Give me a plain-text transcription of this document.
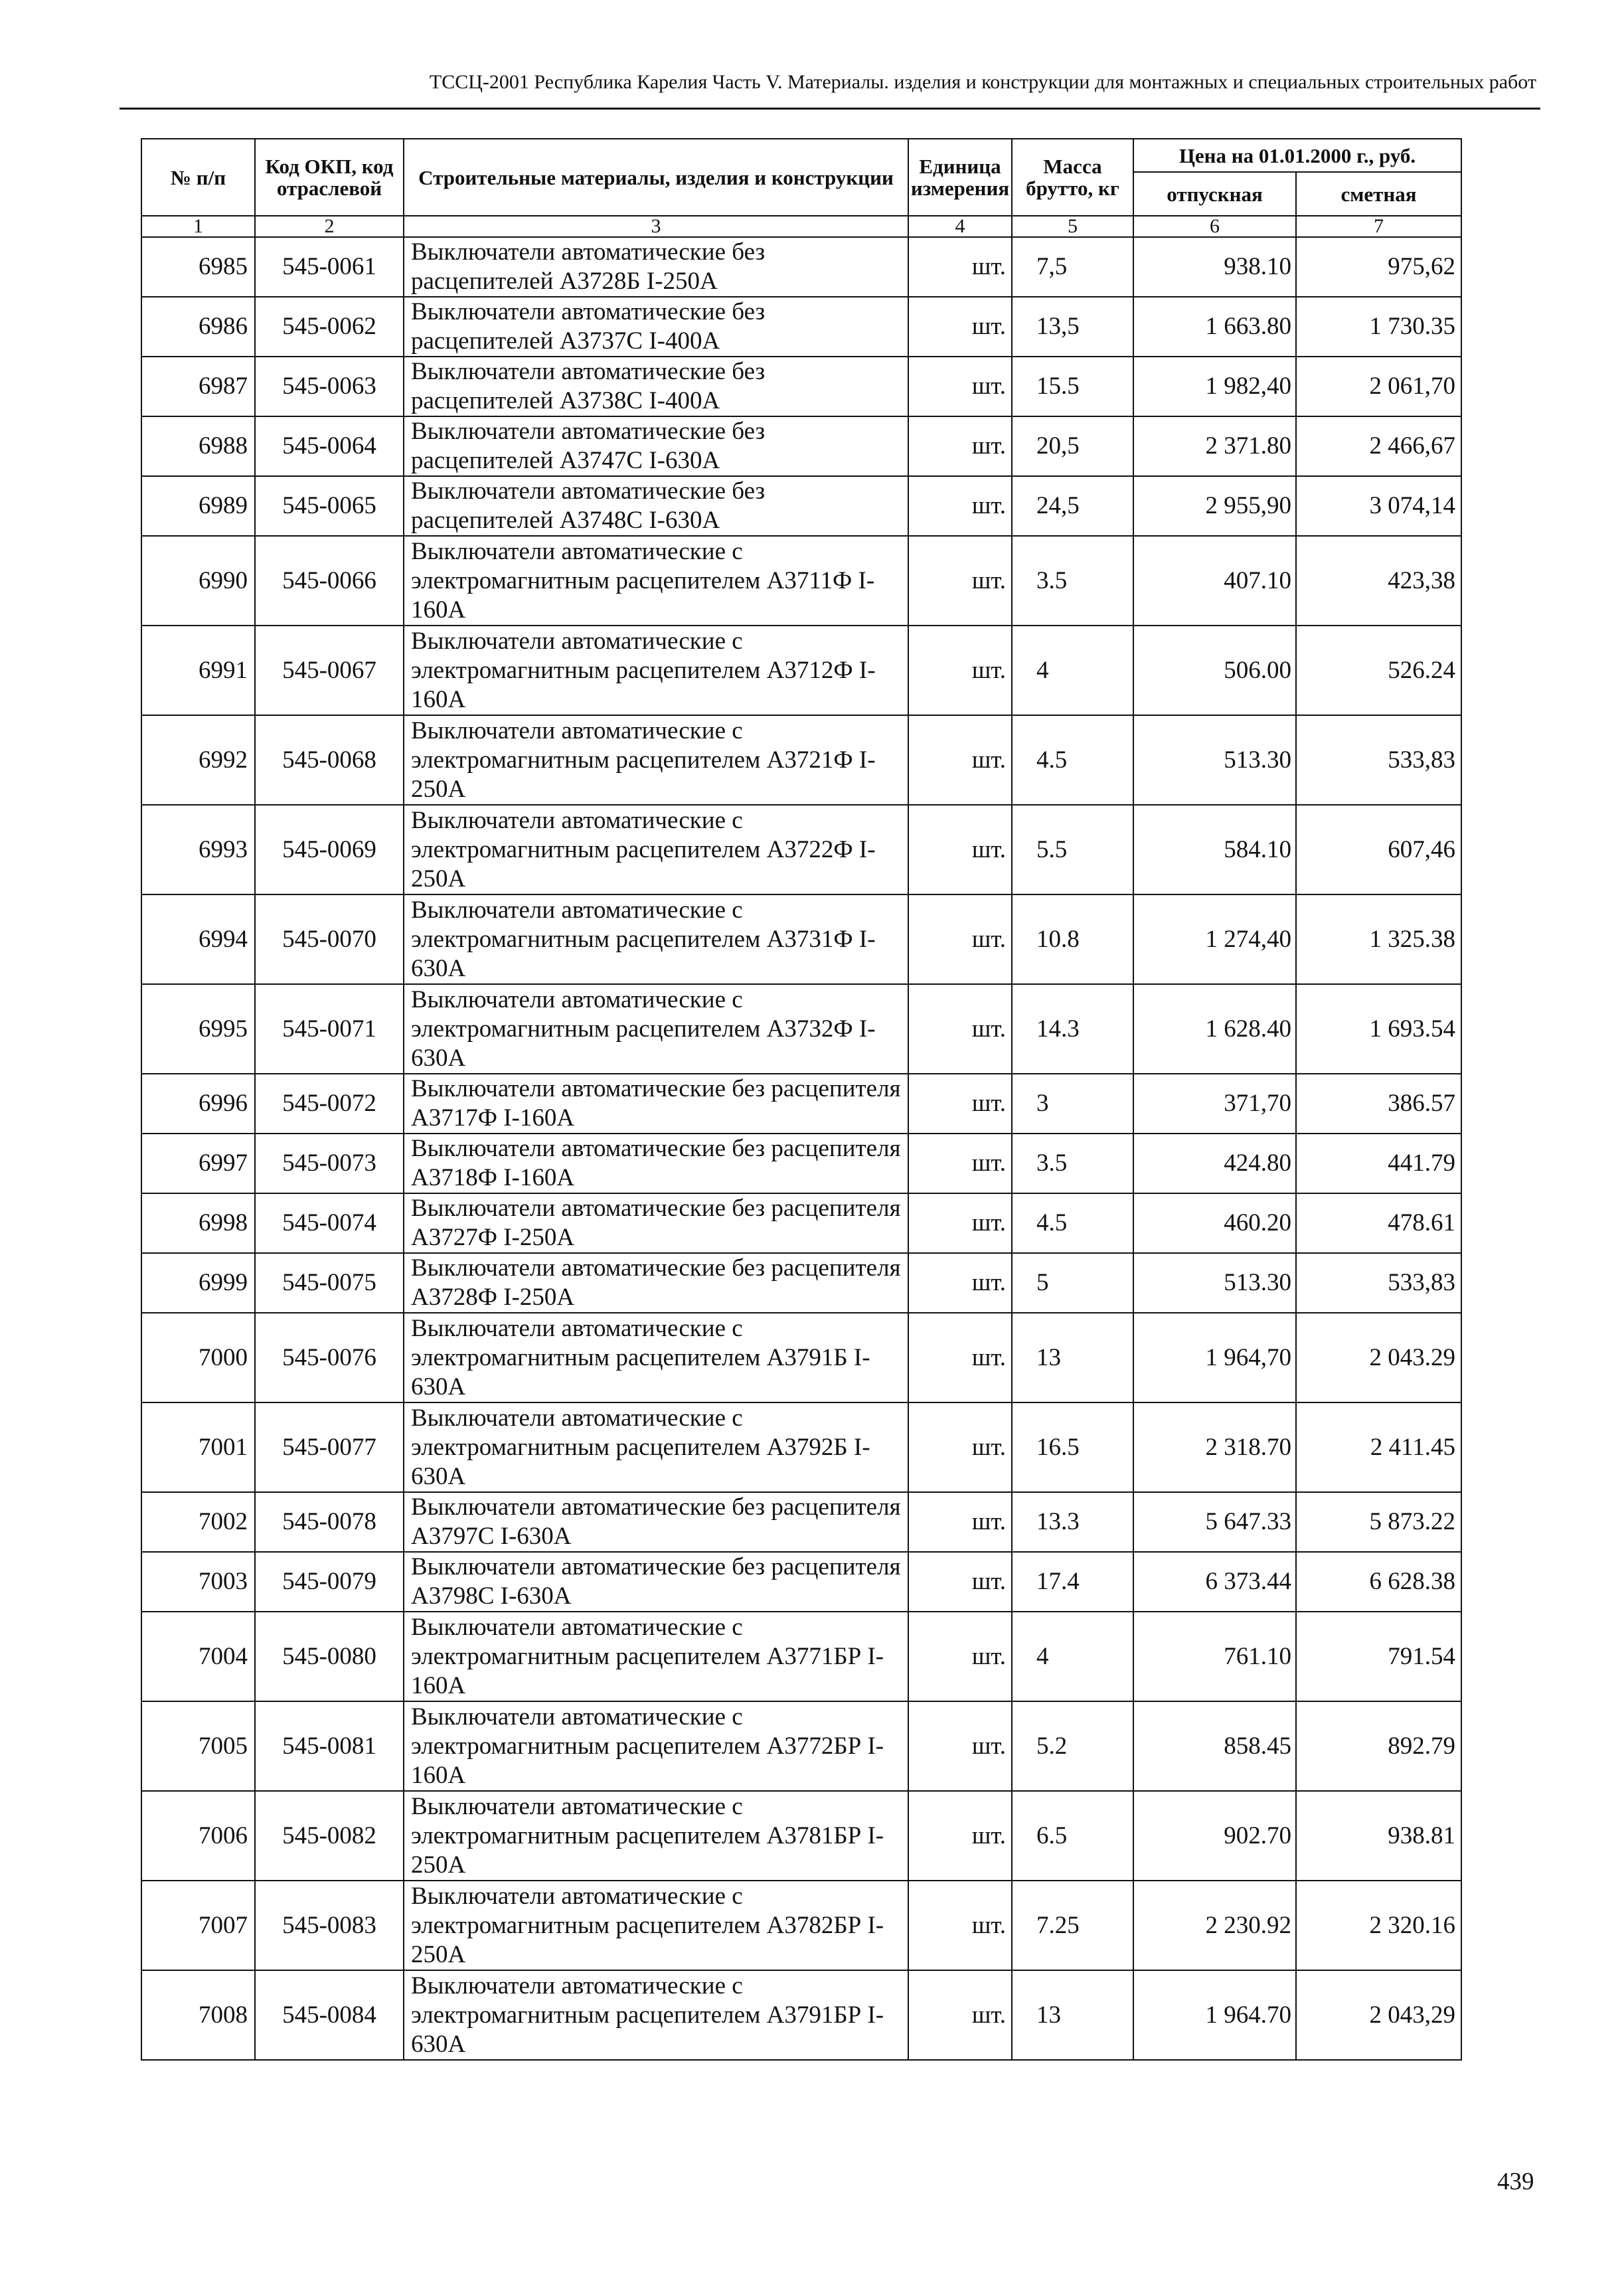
ТССЦ-2001 Республика Карелия Часть V. Материалы. изделия и конструкции для монтажных и специальных строительных работ
№ п/п	Код ОКП, код отраслевой	Строительные материалы, изделия и конструкции	Единица измерения	Масса брутто, кг	Цена на 01.01.2000 г., руб.	
					отпускная	сметная
1	2	3	4	5	6	7
6985	545-0061	Выключатели автоматические без расцепителей А3728Б I-250А	шт.	7,5	938.10	975,62
6986	545-0062	Выключатели автоматические без расцепителей А3737С I-400А	шт.	13,5	1 663.80	1 730.35
6987	545-0063	Выключатели автоматические без расцепителей А3738С I-400А	шт.	15.5	1 982,40	2 061,70
6988	545-0064	Выключатели автоматические без расцепителей А3747С I-630А	шт.	20,5	2 371.80	2 466,67
6989	545-0065	Выключатели автоматические без расцепителей А3748С I-630А	шт.	24,5	2 955,90	3 074,14
6990	545-0066	Выключатели автоматические с электромагнитным расцепителем А3711Ф I-160А	шт.	3.5	407.10	423,38
6991	545-0067	Выключатели автоматические с электромагнитным расцепителем А3712Ф I-160А	шт.	4	506.00	526.24
6992	545-0068	Выключатели автоматические с электромагнитным расцепителем А3721Ф I-250А	шт.	4.5	513.30	533,83
6993	545-0069	Выключатели автоматические с электромагнитным расцепителем А3722Ф I-250А	шт.	5.5	584.10	607,46
6994	545-0070	Выключатели автоматические с электромагнитным расцепителем А3731Ф I-630А	шт.	10.8	1 274,40	1 325.38
6995	545-0071	Выключатели автоматические с электромагнитным расцепителем А3732Ф I-630А	шт.	14.3	1 628.40	1 693.54
6996	545-0072	Выключатели автоматические без расцепителя А3717Ф I-160А	шт.	3	371,70	386.57
6997	545-0073	Выключатели автоматические без расцепителя А3718Ф I-160А	шт.	3.5	424.80	441.79
6998	545-0074	Выключатели автоматические без расцепителя А3727Ф I-250А	шт.	4.5	460.20	478.61
6999	545-0075	Выключатели автоматические без расцепителя А3728Ф I-250А	шт.	5	513.30	533,83
7000	545-0076	Выключатели автоматические с электромагнитным расцепителем А3791Б I-630А	шт.	13	1 964,70	2 043.29
7001	545-0077	Выключатели автоматические с электромагнитным расцепителем А3792Б I-630А	шт.	16.5	2 318.70	2 411.45
7002	545-0078	Выключатели автоматические без расцепителя А3797С I-630А	шт.	13.3	5 647.33	5 873.22
7003	545-0079	Выключатели автоматические без расцепителя А3798С I-630А	шт.	17.4	6 373.44	6 628.38
7004	545-0080	Выключатели автоматические с электромагнитным расцепителем А3771БР I-160А	шт.	4	761.10	791.54
7005	545-0081	Выключатели автоматические с электромагнитным расцепителем А3772БР I-160А	шт.	5.2	858.45	892.79
7006	545-0082	Выключатели автоматические с электромагнитным расцепителем А3781БР I-250А	шт.	6.5	902.70	938.81
7007	545-0083	Выключатели автоматические с электромагнитным расцепителем А3782БР I-250А	шт.	7.25	2 230.92	2 320.16
7008	545-0084	Выключатели автоматические с электромагнитным расцепителем А3791БР I-630А	шт.	13	1 964.70	2 043,29
439
